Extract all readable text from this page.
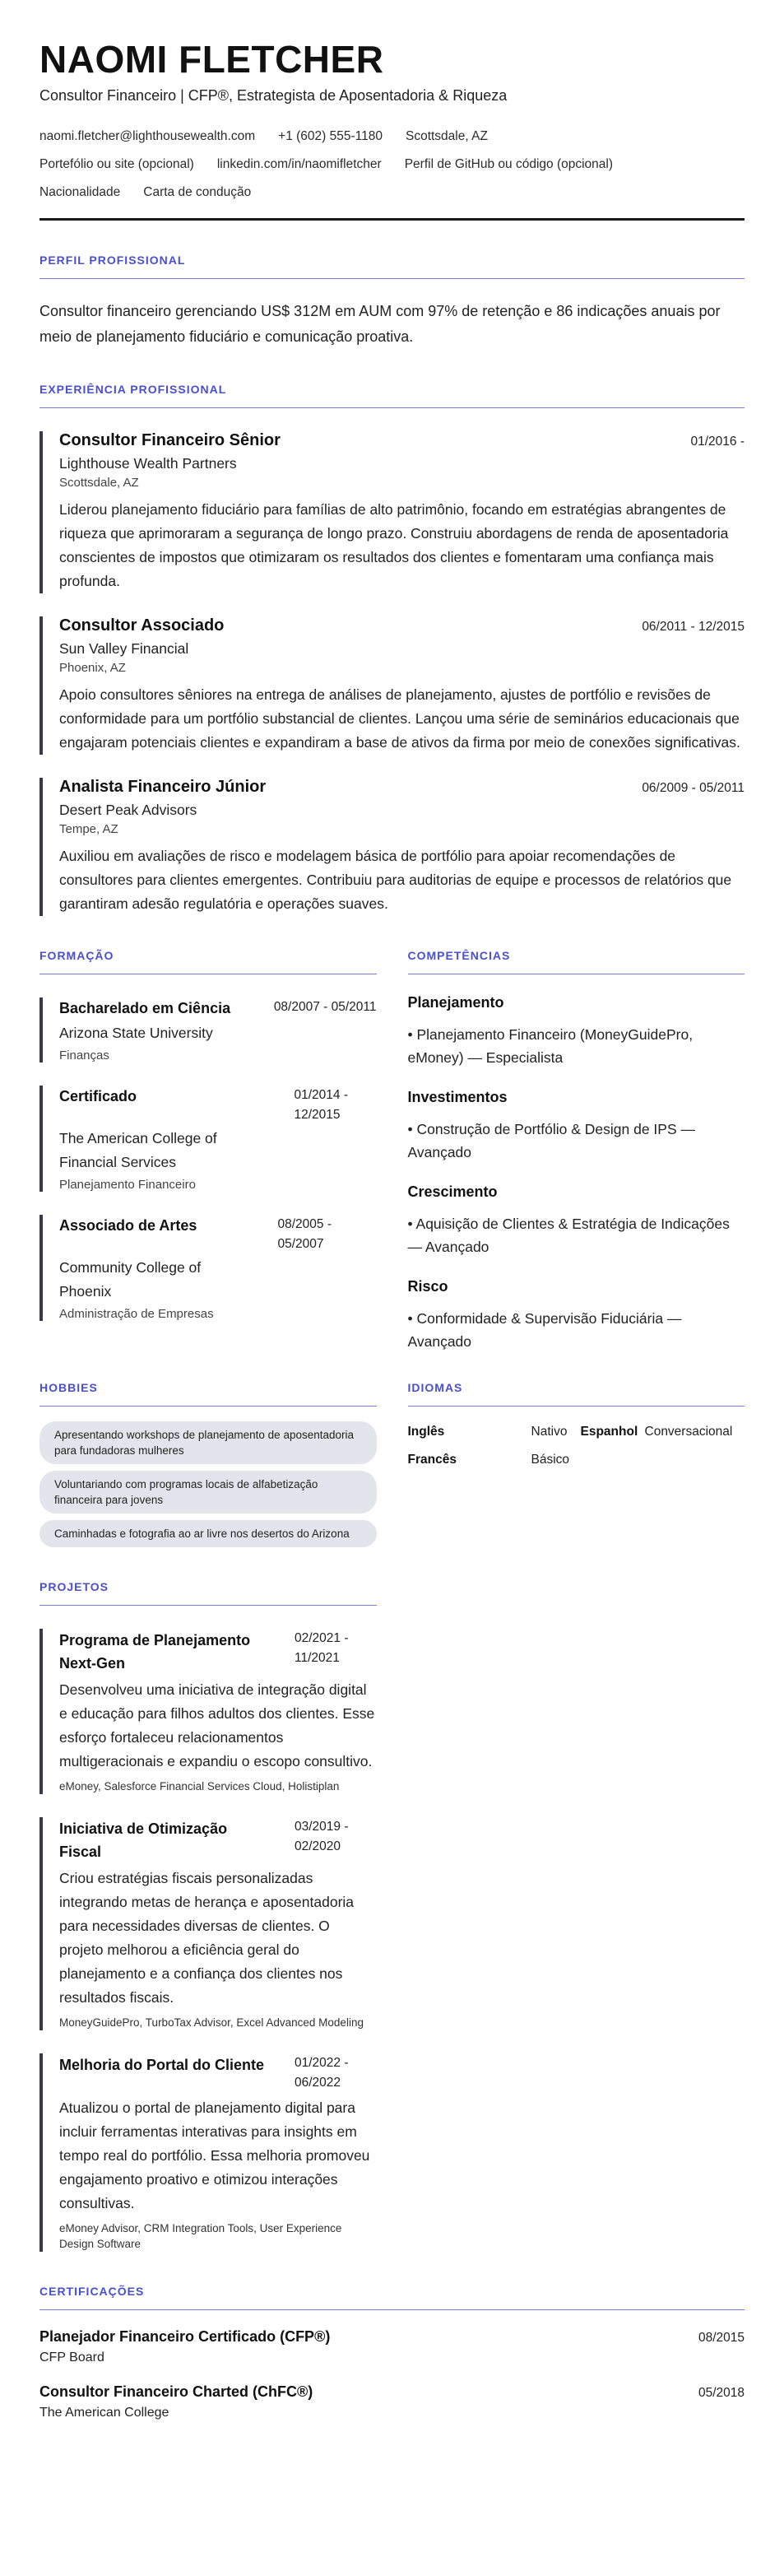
NAOMI FLETCHER
Consultor Financeiro | CFP®, Estrategista de Aposentadoria & Riqueza
naomi.fletcher@lighthousewealth.com +1 (602) 555-1180 Scottsdale, AZ
Portefólio ou site (opcional) linkedin.com/in/naomifletcher Perfil de GitHub ou código (opcional)
Nacionalidade Carta de condução
PERFIL PROFISSIONAL
Consultor financeiro gerenciando US$ 312M em AUM com 97% de retenção e 86 indicações anuais por meio de planejamento fiduciário e comunicação proativa.
EXPERIÊNCIA PROFISSIONAL
Consultor Financeiro Sênior	01/2016 -
Lighthouse Wealth Partners
Scottsdale, AZ
Liderou planejamento fiduciário para famílias de alto patrimônio, focando em estratégias abrangentes de riqueza que aprimoraram a segurança de longo prazo. Construiu abordagens de renda de aposentadoria conscientes de impostos que otimizaram os resultados dos clientes e fomentaram uma confiança mais profunda.
Consultor Associado	06/2011 - 12/2015
Sun Valley Financial
Phoenix, AZ
Apoio consultores sêniores na entrega de análises de planejamento, ajustes de portfólio e revisões de conformidade para um portfólio substancial de clientes. Lançou uma série de seminários educacionais que engajaram potenciais clientes e expandiram a base de ativos da firma por meio de conexões significativas.
Analista Financeiro Júnior	06/2009 - 05/2011
Desert Peak Advisors
Tempe, AZ
Auxiliou em avaliações de risco e modelagem básica de portfólio para apoiar recomendações de consultores para clientes emergentes. Contribuiu para auditorias de equipe e processos de relatórios que garantiram adesão regulatória e operações suaves.
FORMAÇÃO
Bacharelado em Ciência	08/2007 - 05/2011
Arizona State University
Finanças
Certificado	01/2014 - 12/2015
The American College of Financial Services
Planejamento Financeiro
Associado de Artes	08/2005 - 05/2007
Community College of Phoenix
Administração de Empresas
COMPETÊNCIAS
Planejamento
• Planejamento Financeiro (MoneyGuidePro, eMoney) — Especialista
Investimentos
• Construção de Portfólio & Design de IPS — Avançado
Crescimento
• Aquisição de Clientes & Estratégia de Indicações — Avançado
Risco
• Conformidade & Supervisão Fiduciária — Avançado
HOBBIES
Apresentando workshops de planejamento de aposentadoria para fundadoras mulheres
Voluntariando com programas locais de alfabetização financeira para jovens
Caminhadas e fotografia ao ar livre nos desertos do Arizona
IDIOMAS
Inglês	Nativo	Espanhol Conversacional
Francês	Básico
PROJETOS
Programa de Planejamento Next-Gen
02/2021 - 11/2021
Desenvolveu uma iniciativa de integração digital e educação para filhos adultos dos clientes. Esse esforço fortaleceu relacionamentos multigeracionais e expandiu o escopo consultivo.
eMoney, Salesforce Financial Services Cloud, Holistiplan
Iniciativa de Otimização Fiscal
03/2019 - 02/2020
Criou estratégias fiscais personalizadas integrando metas de herança e aposentadoria para necessidades diversas de clientes. O projeto melhorou a eficiência geral do planejamento e a confiança dos clientes nos resultados fiscais.
MoneyGuidePro, TurboTax Advisor, Excel Advanced Modeling
Melhoria do Portal do Cliente 01/2022 - 06/2022
Atualizou o portal de planejamento digital para incluir ferramentas interativas para insights em tempo real do portfólio. Essa melhoria promoveu engajamento proativo e otimizou interações consultivas.
eMoney Advisor, CRM Integration Tools, User Experience Design Software
CERTIFICAÇÕES
Planejador Financeiro Certificado (CFP®)	08/2015
CFP Board
Consultor Financeiro Charted (ChFC®)	05/2018
The American College
